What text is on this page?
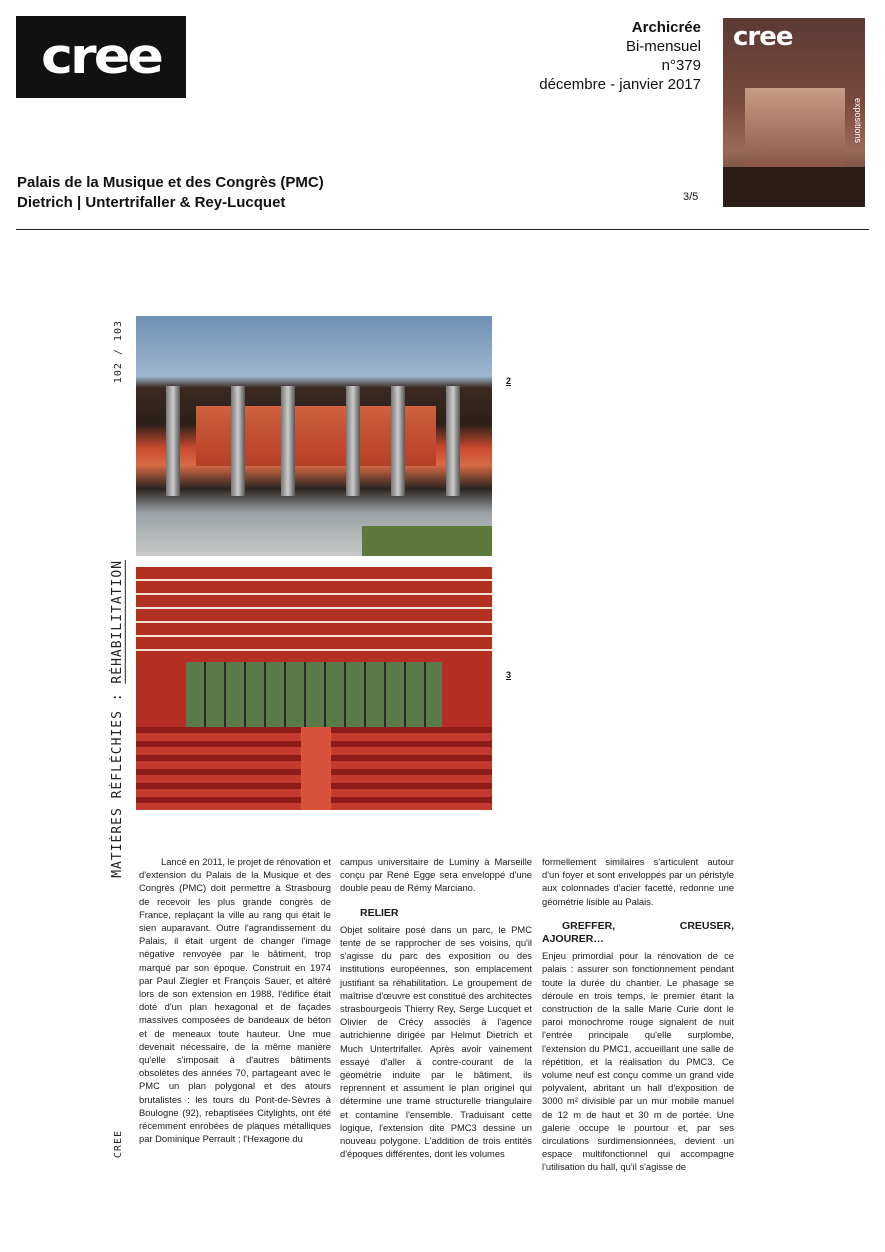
cree
Archicrée
Bi-mensuel
n°379
décembre - janvier 2017
cree
expositions
Palais de la Musique et des Congrès (PMC)
Dietrich | Untertrifaller & Rey-Lucquet	3/5
102 / 103
MATIÈRES RÉFLÉCHIES : RÉHABILITATION
CREE
2
3

Lancé en 2011, le projet de rénovation et d'extension du Palais de la Musique et des Congrès (PMC) doit permettre à Strasbourg de recevoir les plus grande congrès de France, replaçant la ville au rang qui était le sien auparavant. Outre l'agrandissement du Palais, il était urgent de changer l'image négative renvoyée par le bâtiment, trop marqué par son époque. Construit en 1974 par Paul Ziegler et François Sauer, et altéré lors de son extension en 1988, l'édifice était doté d'un plan hexagonal et de façades massives composées de bandeaux de béton et de meneaux toute hauteur. Une mue devenait nécessaire, de la même manière qu'elle s'imposait à d'autres bâtiments obsolètes des années 70, partageant avec le PMC un plan polygonal et des atours brutalistes : les tours du Pont-de-Sèvres à Boulogne (92), rebaptisées Citylights, ont été récemment enrobées de plaques métalliques par Dominique Perrault ; l'Hexagone du

campus universitaire de Luminy à Marseille conçu par René Egge sera enveloppé d'une double peau de Rémy Marciano.

RELIER

Objet solitaire posé dans un parc, le PMC tente de se rapprocher de ses voisins, qu'il s'agisse du parc des exposition ou des institutions européennes, son emplacement justifiant sa réhabilitation. Le groupement de maîtrise d'œuvre est constitué des architectes strasbourgeois Thierry Rey, Serge Lucquet et Olivier de Crécy associés à l'agence autrichienne dirigée par Helmut Dietrich et Much Untertrifaller. Après avoir vainement essayé d'aller à contre-courant de la géométrie induite par le bâtiment, ils reprennent et assument le plan originel qui détermine une trame structurelle triangulaire et contamine l'ensemble. Traduisant cette logique, l'extension dite PMC3 dessine un nouveau polygone. L'addition de trois entités d'époques différentes, dont les volumes

formellement similaires s'articulent autour d'un foyer et sont enveloppés par un péristyle aux colonnades d'acier facetté, redonne une géométrie lisible au Palais.

GREFFER, CREUSER, AJOURER…

Enjeu primordial pour la rénovation de ce palais : assurer son fonctionnement pendant toute la durée du chantier. Le phasage se déroule en trois temps, le premier étant la construction de la salle Marie Curie dont le paroi monochrome rouge signalent de nuit l'entrée principale qu'elle surplombe, l'extension du PMC1, accueillant une salle de répétition, et la réalisation du PMC3. Ce volume neuf est conçu comme un grand vide polyvalent, abritant un hall d'exposition de 3000 m² divisible par un mur mobile manuel de 12 m de haut et 30 m de portée. Une galerie occupe le pourtour et, par ses circulations surdimensionnées, devient un espace multifonctionnel qui accompagne l'utilisation du hall, qu'il s'agisse de
